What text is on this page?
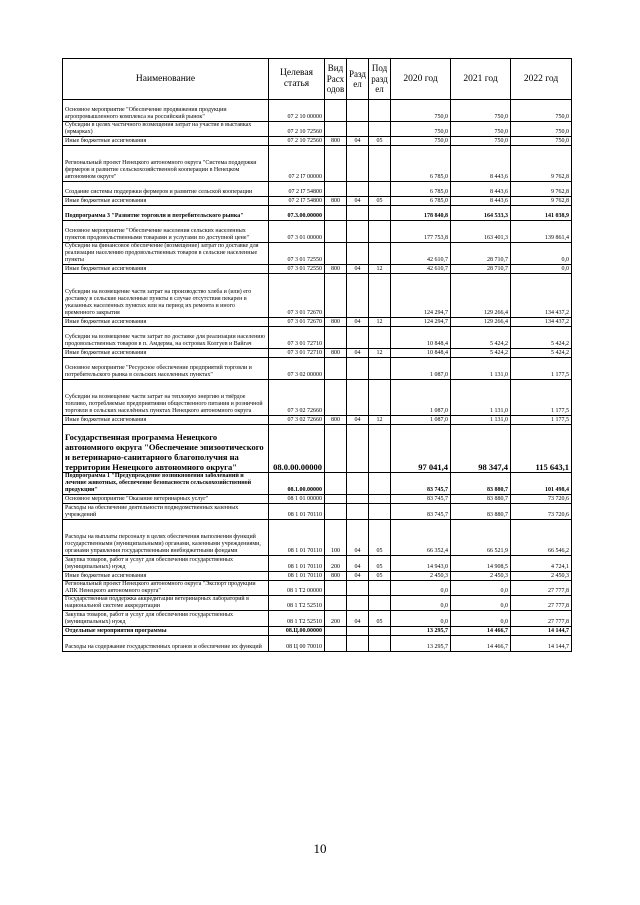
Наименование	Целевая статья	Вид Расходов	Раздел	Подраздел	2020 год	2021 год	2022 год
Основное мероприятие "Обеспечение продвижения продукции агропромышленного комплекса на российский рынок"	07 2 10 00000				750,0	750,0	750,0
Субсидии в целях частичного возмещения затрат на участие в выставках (ярмарках)	07 2 10 72560				750,0	750,0	750,0
Иные бюджетные ассигнования	07 2 10 72560	800	04	05	750,0	750,0	750,0
Региональный проект Ненецкого автономного округа "Система поддержки фермеров и развитие сельскохозяйственной кооперации в Ненецком автономном округе"	07 2 I7 00000				6 785,0	8 443,6	9 762,8
Создание системы поддержки фермеров и развитие сельской кооперации	07 2 I7 54800				6 785,0	8 443,6	9 762,8
Иные бюджетные ассигнования	07 2 I7 54800	800	04	05	6 785,0	8 443,6	9 762,8
Подпрограмма 3 "Развитие торговли и потребительского рынка"	07.3.00.00000				178 840,8	164 533,3	141 038,9
Основное мероприятие "Обеспечение населения сельских населенных пунктов продовольственными товарами и услугами по доступной цене"	07 3 01 00000				177 753,8	163 401,3	139 861,4
Субсидии на финансовое обеспечение (возмещение) затрат по доставке для реализации населению продовольственных товаров в сельские населенные пункты	07 3 01 72550				42 610,7	28 710,7	0,0
Иные бюджетные ассигнования	07 3 01 72550	800	04	12	42 610,7	28 710,7	0,0
Субсидии на возмещение части затрат на производство хлеба и (или) его доставку в сельские населенные пункты в случае отсутствия пекарен в указанных населенных пунктах или на период их ремонта и иного временного закрытия	07 3 01 72670				124 294,7	129 266,4	134 437,2
Иные бюджетные ассигнования	07 3 01 72670	800	04	12	124 294,7	129 266,4	134 437,2
Субсидии на возмещение части затрат по доставке для реализации населению продовольственных товаров в п. Амдерма, на островах Колгуев и Вайгач	07 3 01 72710				10 848,4	5 424,2	5 424,2
Иные бюджетные ассигнования	07 3 01 72710	800	04	12	10 848,4	5 424,2	5 424,2
Основное мероприятие "Ресурсное обеспечение предприятий торговли и потребительского рынка в сельских населенных пунктах"	07 3 02 00000				1 087,0	1 131,0	1 177,5
Субсидии на возмещение части затрат на тепловую энергию и твёрдое топливо, потребляемые предприятиями общественного питания и розничной торговли в сельских населённых пунктах Ненецкого автономного округа	07 3 02 72660				1 087,0	1 131,0	1 177,5
Иные бюджетные ассигнования	07 3 02 72660	800	04	12	1 087,0	1 131,0	1 177,5
Государственная программа Ненецкого автономного округа "Обеспечение эпизоотического и ветеринарно-санитарного благополучия на территории Ненецкого автономного округа"	08.0.00.00000				97 041,4	98 347,4	115 643,1
Подпрограмма 1 "Предупреждение возникновения заболеваний и лечение животных, обеспечение безопасности сельскохозяйственной продукции"	08.1.00.00000				83 745,7	83 880,7	101 498,4
Основное мероприятие "Оказание ветеринарных услуг"	08 1 01 00000				83 745,7	83 880,7	73 720,6
Расходы на обеспечение деятельности подведомственных казенных учреждений	08 1 01 70110				83 745,7	83 880,7	73 720,6
Расходы на выплаты персоналу в целях обеспечения выполнения функций государственными (муниципальными) органами, казенными учреждениями, органами управления государственными внебюджетными фондами	08 1 01 70110	100	04	05	66 352,4	66 521,9	66 546,2
Закупка товаров, работ и услуг для обеспечения государственных (муниципальных) нужд	08 1 01 70110	200	04	05	14 943,0	14 908,5	4 724,1
Иные бюджетные ассигнования	08 1 01 70110	800	04	05	2 450,3	2 450,3	2 450,3
Региональный проект Ненецкого автономного округа "Экспорт продукции АПК Ненецкого автономного округа"	08 1 T2 00000				0,0	0,0	27 777,8
Государственная поддержка аккредитации ветеринарных лабораторий в национальной системе аккредитации	08 1 T2 52510				0,0	0,0	27 777,8
Закупка товаров, работ и услуг для обеспечения государственных (муниципальных) нужд	08 1 T2 52510	200	04	05	0,0	0,0	27 777,8
Отдельные мероприятия программы	08.Ц.00.00000				13 295,7	14 466,7	14 144,7
Расходы на содержание государственных органов и обеспечение их функций	08 Ц 00 70010				13 295,7	14 466,7	14 144,7
10
